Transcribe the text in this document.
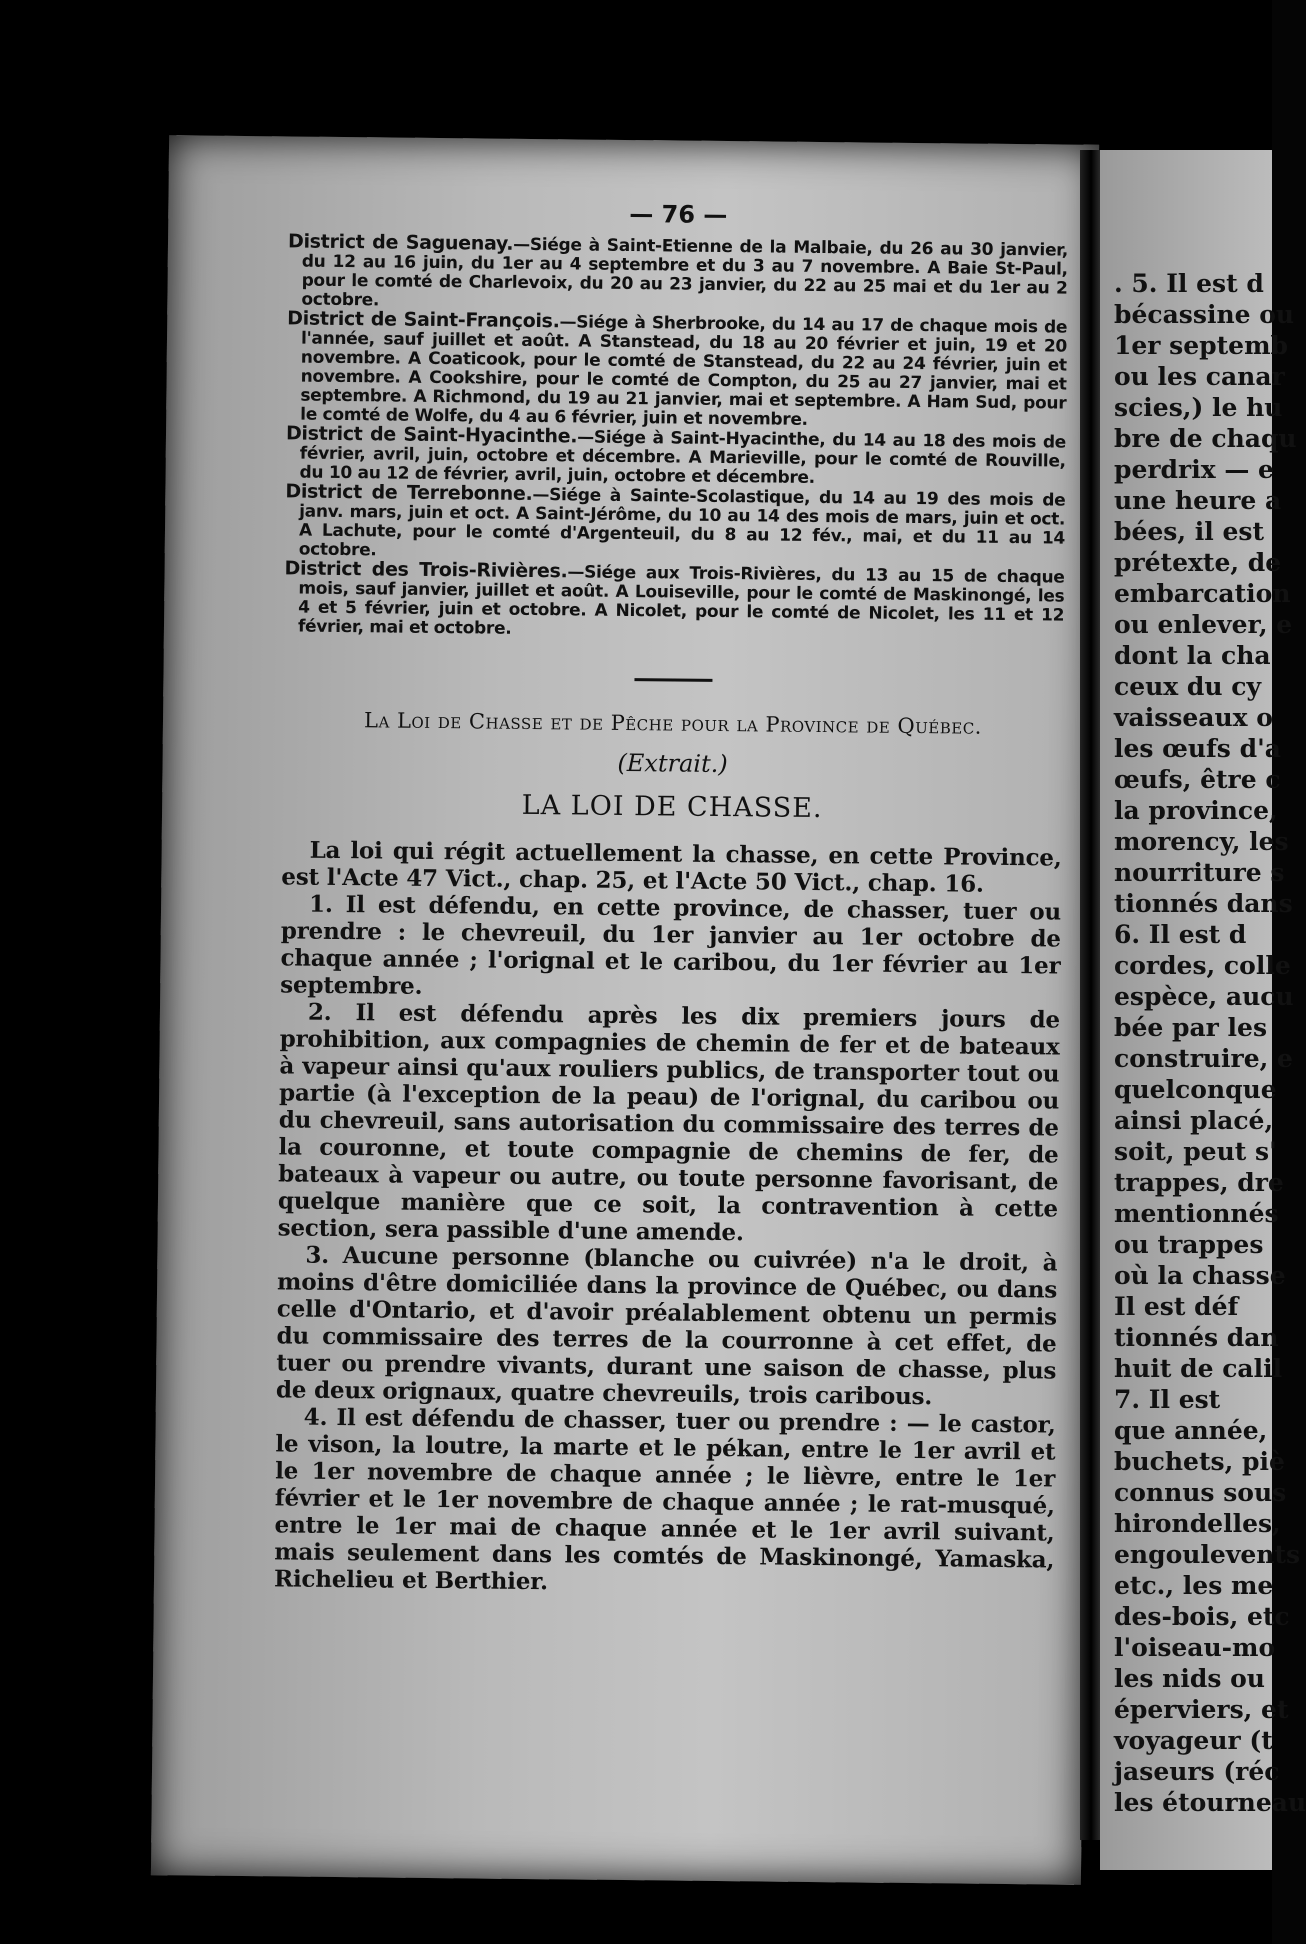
— 76 —

District de Saguenay.—Siége à Saint-Etienne de la Malbaie, du 26 au 30 janvier, du 12 au 16 juin, du 1er au 4 septembre et du 3 au 7 novembre. A Baie St-Paul, pour le comté de Charlevoix, du 20 au 23 janvier, du 22 au 25 mai et du 1er au 2 octobre.

District de Saint-François.—Siége à Sherbrooke, du 14 au 17 de chaque mois de l'année, sauf juillet et août. A Stanstead, du 18 au 20 février et juin, 19 et 20 novembre. A Coaticook, pour le comté de Stanstead, du 22 au 24 février, juin et novembre. A Cookshire, pour le comté de Compton, du 25 au 27 janvier, mai et septembre. A Richmond, du 19 au 21 janvier, mai et septembre. A Ham Sud, pour le comté de Wolfe, du 4 au 6 février, juin et novembre.

District de Saint-Hyacinthe.—Siége à Saint-Hyacinthe, du 14 au 18 des mois de février, avril, juin, octobre et décembre. A Marieville, pour le comté de Rouville, du 10 au 12 de février, avril, juin, octobre et décembre.

District de Terrebonne.—Siége à Sainte-Scolastique, du 14 au 19 des mois de janv. mars, juin et oct. A Saint-Jérôme, du 10 au 14 des mois de mars, juin et oct. A Lachute, pour le comté d'Argenteuil, du 8 au 12 fév., mai, et du 11 au 14 octobre.

District des Trois-Rivières.—Siége aux Trois-Rivières, du 13 au 15 de chaque mois, sauf janvier, juillet et août. A Louiseville, pour le comté de Maskinongé, les 4 et 5 février, juin et octobre. A Nicolet, pour le comté de Nicolet, les 11 et 12 février, mai et octobre.

La Loi de Chasse et de Pêche pour la Province de Québec.
(Extrait.)
LA LOI DE CHASSE.

La loi qui régit actuellement la chasse, en cette Province, est l'Acte 47 Vict., chap. 25, et l'Acte 50 Vict., chap. 16.

1. Il est défendu, en cette province, de chasser, tuer ou prendre : le chevreuil, du 1er janvier au 1er octobre de chaque année ; l'orignal et le caribou, du 1er février au 1er septembre.

2. Il est défendu après les dix premiers jours de prohibition, aux compagnies de chemin de fer et de bateaux à vapeur ainsi qu'aux rouliers publics, de transporter tout ou partie (à l'exception de la peau) de l'orignal, du caribou ou du chevreuil, sans autorisation du commissaire des terres de la couronne, et toute compagnie de chemins de fer, de bateaux à vapeur ou autre, ou toute personne favorisant, de quelque manière que ce soit, la contravention à cette section, sera passible d'une amende.

3. Aucune personne (blanche ou cuivrée) n'a le droit, à moins d'être domiciliée dans la province de Québec, ou dans celle d'Ontario, et d'avoir préalablement obtenu un permis du commissaire des terres de la courronne à cet effet, de tuer ou prendre vivants, durant une saison de chasse, plus de deux orignaux, quatre chevreuils, trois caribous.

4. Il est défendu de chasser, tuer ou prendre : — le castor, le vison, la loutre, la marte et le pékan, entre le 1er avril et le 1er novembre de chaque année ; le lièvre, entre le 1er février et le 1er novembre de chaque année ; le rat-musqué, entre le 1er mai de chaque année et le 1er avril suivant, mais seulement dans les comtés de Maskinongé, Yamaska, Richelieu et Berthier.

. 5. Il est d
bécassine ou
1er septemb
ou les canar
scies,) le hu
bre de chaqu
perdrix — e
une heure a
bées, il est
prétexte, de
embarcation
ou enlever, e
dont la cha
ceux du cy
vaisseaux o
les œufs d'a
œufs, être c
la province,
morency, les
nourriture s
tionnés dans
6. Il est d
cordes, colle
espèce, aucu
bée par les
construire, e
quelconque
ainsi placé,
soit, peut s'
trappes, dre
mentionnés
ou trappes
où la chasse
Il est déf
tionnés dan
huit de calil
7. Il est
que année,
buchets, piè
connus sous
hirondelles,
engoulevents
etc., les me
des-bois, etc
l'oiseau-mo
les nids ou
éperviers, et
voyageur (t
jaseurs (réc
les étourneau
